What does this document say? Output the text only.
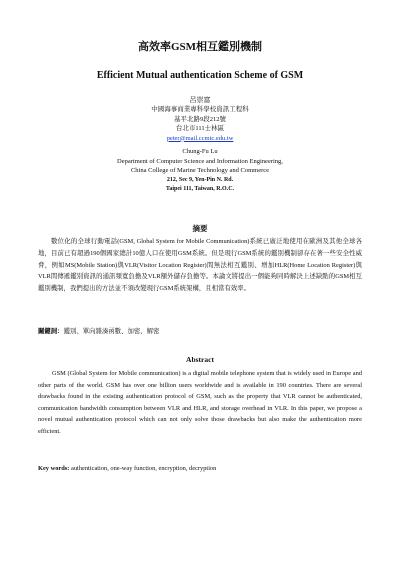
高效率GSM相互鑑別機制
Efficient Mutual authentication Scheme of GSM
呂崇富
中國海事商業專科學校資訊工程科
基平北路9段212號
台北市111士林區
peter@mail.ccmtc.edu.tw
Chung-Fu Lu
Department of Computer Science and Information Engineering,
China College of Marine Technology and Commerce
212, Sec 9, Yen-Pin N. Rd.
Taipei 111, Taiwan, R.O.C.
摘要
數位化的全球行動電話(GSM, Global System for Mobile Communication)系統已廣泛地使用在歐洲及其他全球各地，目前已有超過190個國家總計10億人口在使用GSM系統。但是現行GSM系統的鑑別機制卻存在著一些安全性威脅，例如MS(Mobile Station)與VLR(Visitor Location Register)間無法相互鑑別、增加HLR(Home Location Register)與VLR間傳遞鑑別資訊的通訊頻寬負擔及VLR額外儲存負擔等。本論文將提出一個能夠同時解決上述缺點的GSM相互鑑別機制，我們提出的方法並不須改變現行GSM系統架構，且相當有效率。
關鍵詞：鑑別、單向雜湊函數、加密、解密
Abstract
GSM (Global System for Mobile communication) is a digital mobile telephone system that is widely used in Europe and other parts of the world. GSM has over one billion users worldwide and is available in 190 countries. There are several drawbacks found in the existing authentication protocol of GSM, such as the property that VLR cannot be authenticated, communication bandwidth consumption between VLR and HLR, and storage overhead in VLR. In this paper, we propose a novel mutual authentication protocol which can not only solve those drawbacks but also make the authentication more efficient.
Key words: authentication, one-way function, encryption, decryption
